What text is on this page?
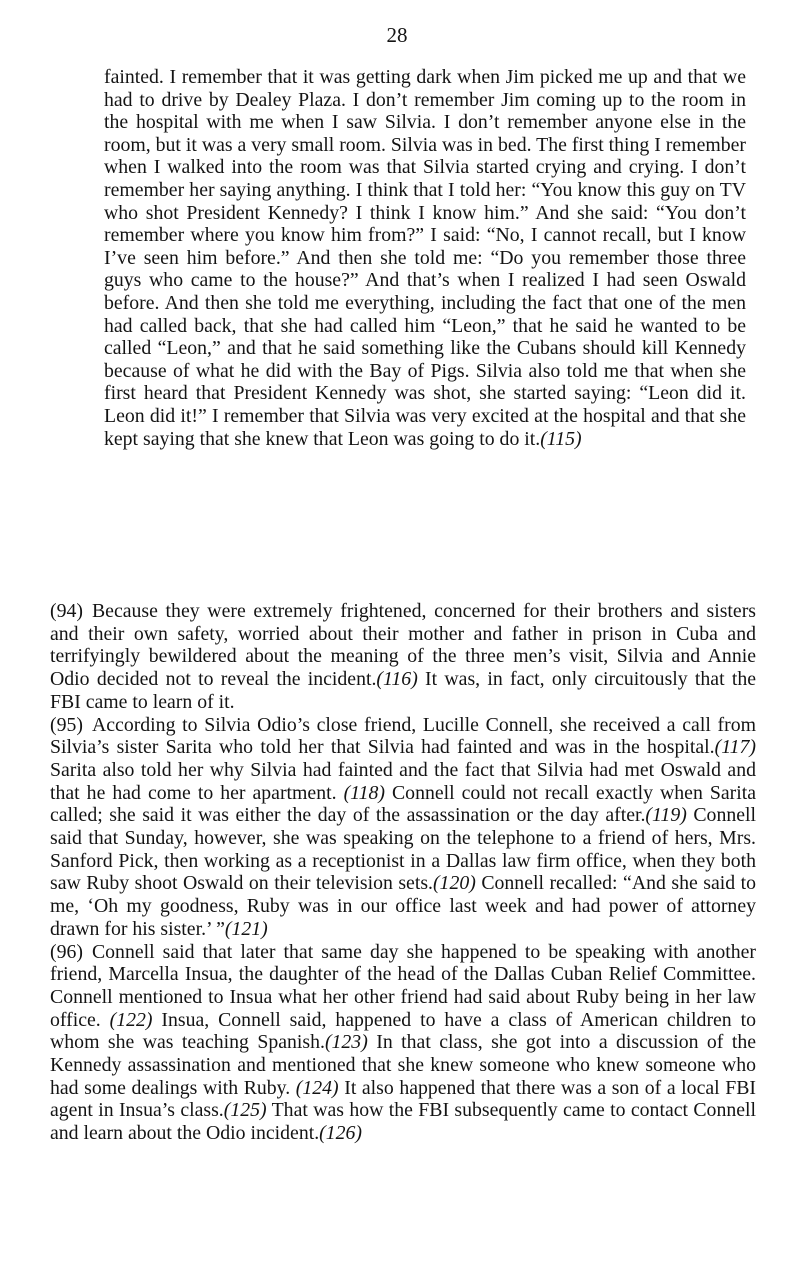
28
fainted. I remember that it was getting dark when Jim picked me up and that we had to drive by Dealey Plaza. I don’t remember Jim coming up to the room in the hospital with me when I saw Silvia. I don’t remember anyone else in the room, but it was a very small room. Silvia was in bed. The first thing I remember when I walked into the room was that Silvia started crying and crying. I don’t remember her saying anything. I think that I told her: “You know this guy on TV who shot President Kennedy? I think I know him.” And she said: “You don’t remember where you know him from?” I said: “No, I cannot recall, but I know I’ve seen him before.” And then she told me: “Do you remember those three guys who came to the house?” And that’s when I realized I had seen Oswald before. And then she told me everything, including the fact that one of the men had called back, that she had called him “Leon,” that he said he wanted to be called “Leon,” and that he said something like the Cubans should kill Kennedy because of what he did with the Bay of Pigs. Silvia also told me that when she first heard that President Kennedy was shot, she started saying: “Leon did it. Leon did it!” I remember that Silvia was very excited at the hospital and that she kept saying that she knew that Leon was going to do it.(115)

(94) Because they were extremely frightened, concerned for their brothers and sisters and their own safety, worried about their mother and father in prison in Cuba and terrifyingly bewildered about the meaning of the three men’s visit, Silvia and Annie Odio decided not to reveal the incident.(116) It was, in fact, only circuitously that the FBI came to learn of it.

(95) According to Silvia Odio’s close friend, Lucille Connell, she received a call from Silvia’s sister Sarita who told her that Silvia had fainted and was in the hospital.(117) Sarita also told her why Silvia had fainted and the fact that Silvia had met Oswald and that he had come to her apartment. (118) Connell could not recall exactly when Sarita called; she said it was either the day of the assassination or the day after.(119) Connell said that Sunday, however, she was speaking on the telephone to a friend of hers, Mrs. Sanford Pick, then working as a receptionist in a Dallas law firm office, when they both saw Ruby shoot Oswald on their television sets.(120) Connell recalled: “And she said to me, ‘Oh my goodness, Ruby was in our office last week and had power of attorney drawn for his sister.’ ”(121)

(96) Connell said that later that same day she happened to be speaking with another friend, Marcella Insua, the daughter of the head of the Dallas Cuban Relief Committee. Connell mentioned to Insua what her other friend had said about Ruby being in her law office. (122) Insua, Connell said, happened to have a class of American children to whom she was teaching Spanish.(123) In that class, she got into a discussion of the Kennedy assassination and mentioned that she knew someone who knew someone who had some dealings with Ruby. (124) It also happened that there was a son of a local FBI agent in Insua’s class.(125) That was how the FBI subsequently came to contact Connell and learn about the Odio incident.(126)
